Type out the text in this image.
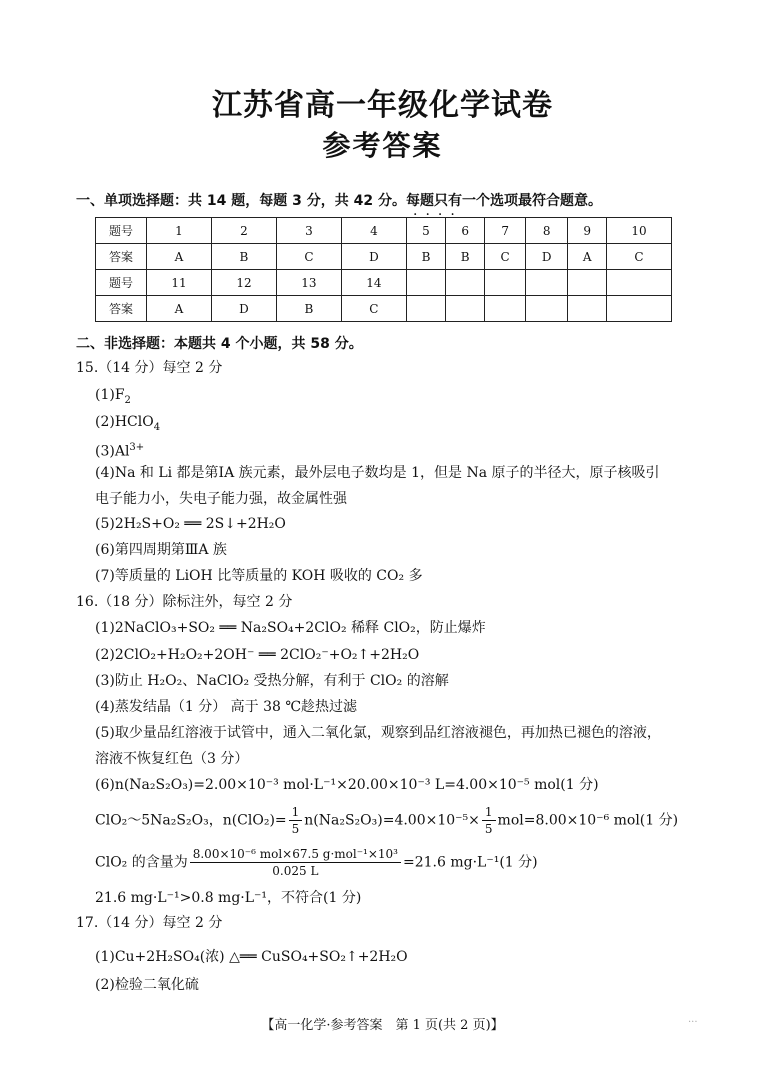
江苏省高一年级化学试卷
参考答案
一、单项选择题：共 14 题，每题 3 分，共 42 分。每题只有一个选项最符合题意。
····
题号	1	2	3	4	5	6	7	8	9	10
答案	A	B	C	D	B	B	C	D	A	C
题号	11	12	13	14						
答案	A	D	B	C						
二、非选择题：本题共 4 个小题，共 58 分。
15.（14 分）每空 2 分
$(1)F_2$
(2)HClO$_4$
$(3)Al^{3+}$
(4)Na 和 Li 都是第ⅠA 族元素，最外层电子数均是 1，但是 Na 原子的半径大，原子核吸引
电子能力小，失电子能力强，故金属性强
(5)2H₂S+O₂ ══ 2S↓+2H₂O
(6)第四周期第ⅢA 族
(7)等质量的 LiOH 比等质量的 KOH 吸收的 CO₂ 多
16.（18 分）除标注外，每空 2 分
(1)2NaClO₃+SO₂ ══ Na₂SO₄+2ClO₂ 稀释 ClO₂，防止爆炸
(2)2ClO₂+H₂O₂+2OH⁻ ══ 2ClO₂⁻+O₂↑+2H₂O
(3)防止 H₂O₂、NaClO₂ 受热分解，有利于 ClO₂ 的溶解
(4)蒸发结晶（1 分） 高于 38 ℃趁热过滤
(5)取少量品红溶液于试管中，通入二氧化氯，观察到品红溶液褪色，再加热已褪色的溶液，
溶液不恢复红色（3 分）
(6)n(Na₂S₂O₃)=2.00×10⁻³ mol·L⁻¹×20.00×10⁻³ L=4.00×10⁻⁵ mol(1 分)
ClO₂～5Na₂S₂O₃，$n(ClO_2)= \frac{1}{5} n(Na_2S_2O_3)=4.00\times 10^{-5}\times \frac{1}{5} mol=8.00\times 10^{-6}$ mol(1 分)
ClO₂ 的含量为 $\frac{\text{8.00×10⁻⁶ mol×67.5 g·mol⁻¹×10³}}{0.025 L} =21.6$ mg·L⁻¹(1 分)
21.6 mg·L⁻¹>0.8 mg·L⁻¹，不符合(1 分)
17.（14 分）每空 2 分
(1)Cu+2H₂SO₄(浓) △══ CuSO₄+SO₂↑+2H₂O
(2)检验二氧化硫
【高一化学·参考答案　第 1 页(共 2 页)】	...
